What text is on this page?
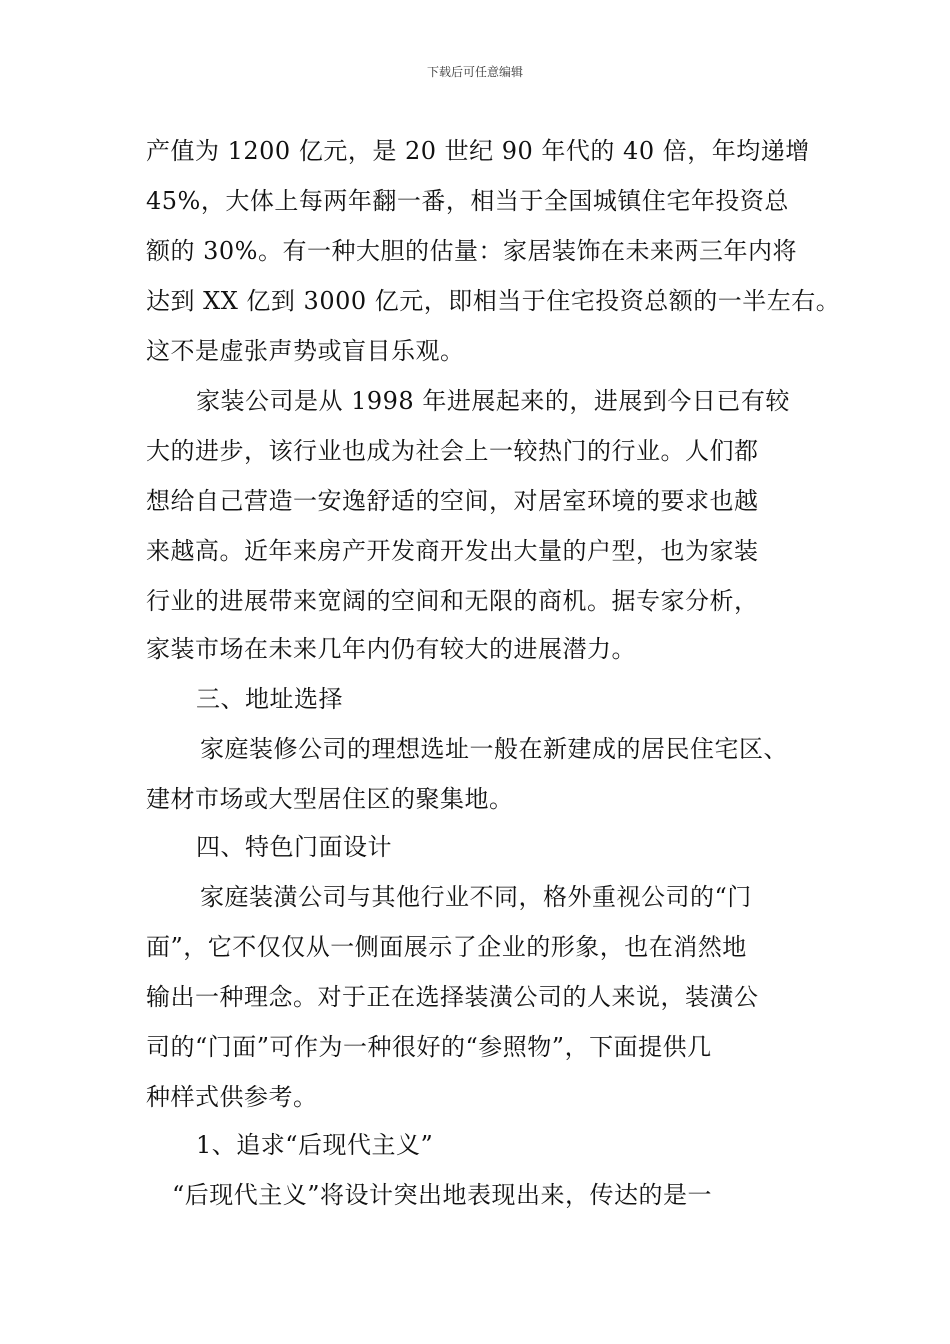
下载后可任意编辑
产值为 1200 亿元，是 20 世纪 90 年代的 40 倍，年均递增
45%，大体上每两年翻一番，相当于全国城镇住宅年投资总
额的 30%。有一种大胆的估量：家居装饰在未来两三年内将
达到 XX 亿到 3000 亿元，即相当于住宅投资总额的一半左右。
这不是虚张声势或盲目乐观。
家装公司是从 1998 年进展起来的，进展到今日已有较
大的进步，该行业也成为社会上一较热门的行业。人们都
想给自己营造一安逸舒适的空间，对居室环境的要求也越
来越高。近年来房产开发商开发出大量的户型，也为家装
行业的进展带来宽阔的空间和无限的商机。据专家分析，
家装市场在未来几年内仍有较大的进展潜力。
三、地址选择
家庭装修公司的理想选址一般在新建成的居民住宅区、
建材市场或大型居住区的聚集地。
四、特色门面设计
家庭装潢公司与其他行业不同，格外重视公司的“门
面”，它不仅仅从一侧面展示了企业的形象，也在消然地
输出一种理念。对于正在选择装潢公司的人来说，装潢公
司的“门面”可作为一种很好的“参照物”，下面提供几
种样式供参考。
1、追求“后现代主义”
“后现代主义”将设计突出地表现出来，传达的是一
